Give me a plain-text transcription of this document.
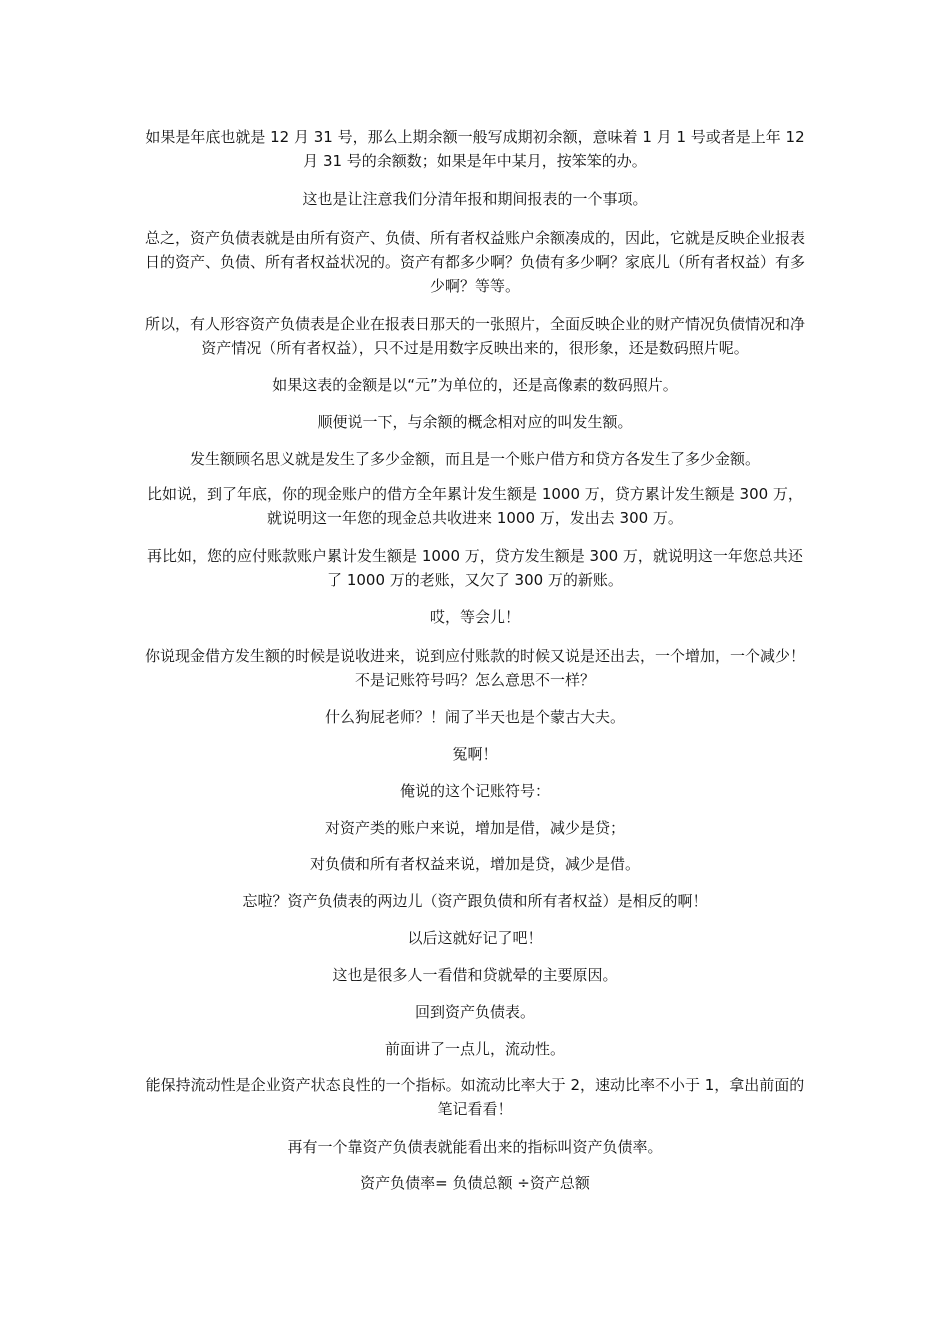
如果是年底也就是 12 月 31 号，那么上期余额一般写成期初余额，意味着 1 月 1 号或者是上年 12 月 31 号的余额数；如果是年中某月，按笨笨的办。

这也是让注意我们分清年报和期间报表的一个事项。

总之，资产负债表就是由所有资产、负债、所有者权益账户余额凑成的，因此，它就是反映企业报表日的资产、负债、所有者权益状况的。资产有都多少啊？负债有多少啊？家底儿（所有者权益）有多少啊？等等。

所以，有人形容资产负债表是企业在报表日那天的一张照片，全面反映企业的财产情况负债情况和净资产情况（所有者权益），只不过是用数字反映出来的，很形象，还是数码照片呢。

如果这表的金额是以“元”为单位的，还是高像素的数码照片。

顺便说一下，与余额的概念相对应的叫发生额。

发生额顾名思义就是发生了多少金额，而且是一个账户借方和贷方各发生了多少金额。

比如说，到了年底，你的现金账户的借方全年累计发生额是 1000 万，贷方累计发生额是 300 万，就说明这一年您的现金总共收进来 1000 万，发出去 300 万。

再比如，您的应付账款账户累计发生额是 1000 万，贷方发生额是 300 万，就说明这一年您总共还了 1000 万的老账，又欠了 300 万的新账。

哎，等会儿！

你说现金借方发生额的时候是说收进来，说到应付账款的时候又说是还出去，一个增加，一个减少！不是记账符号吗？怎么意思不一样？

什么狗屁老师？！闹了半天也是个蒙古大夫。

冤啊！

俺说的这个记账符号：

对资产类的账户来说，增加是借，减少是贷；

对负债和所有者权益来说，增加是贷，减少是借。

忘啦？资产负债表的两边儿（资产跟负债和所有者权益）是相反的啊！

以后这就好记了吧！

这也是很多人一看借和贷就晕的主要原因。

回到资产负债表。

前面讲了一点儿，流动性。

能保持流动性是企业资产状态良性的一个指标。如流动比率大于 2，速动比率不小于 1，拿出前面的笔记看看！

再有一个靠资产负债表就能看出来的指标叫资产负债率。

资产负债率= 负债总额 ÷资产总额
